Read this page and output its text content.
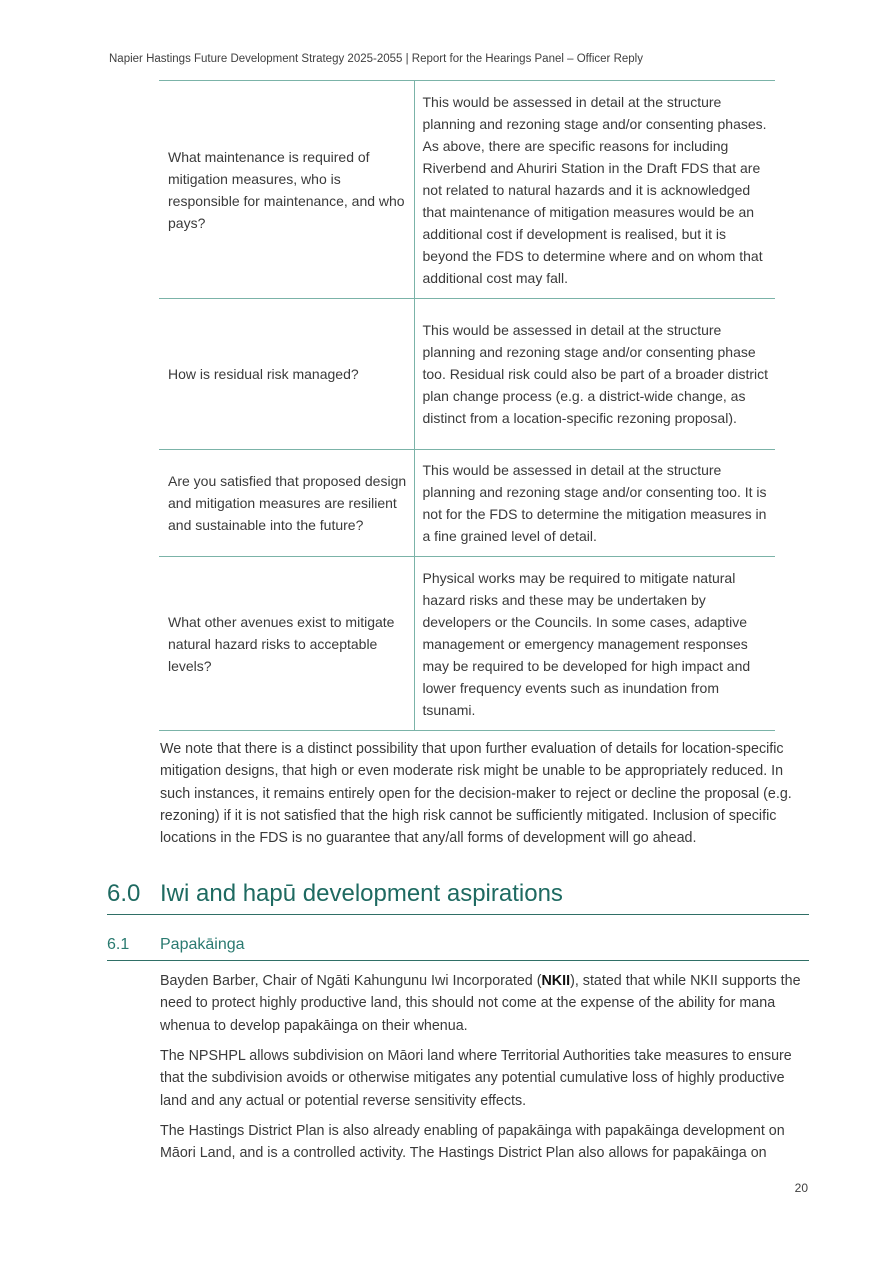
Napier Hastings Future Development Strategy 2025-2055 | Report for the Hearings Panel – Officer Reply
What maintenance is required of mitigation measures, who is responsible for maintenance, and who pays?	This would be assessed in detail at the structure planning and rezoning stage and/or consenting phases. As above, there are specific reasons for including Riverbend and Ahuriri Station in the Draft FDS that are not related to natural hazards and it is acknowledged that maintenance of mitigation measures would be an additional cost if development is realised, but it is beyond the FDS to determine where and on whom that additional cost may fall.
How is residual risk managed?	This would be assessed in detail at the structure planning and rezoning stage and/or consenting phase too. Residual risk could also be part of a broader district plan change process (e.g. a district-wide change, as distinct from a location-specific rezoning proposal).
Are you satisfied that proposed design and mitigation measures are resilient and sustainable into the future?	This would be assessed in detail at the structure planning and rezoning stage and/or consenting too. It is not for the FDS to determine the mitigation measures in a fine grained level of detail.
What other avenues exist to mitigate natural hazard risks to acceptable levels?	Physical works may be required to mitigate natural hazard risks and these may be undertaken by developers or the Councils. In some cases, adaptive management or emergency management responses may be required to be developed for high impact and lower frequency events such as inundation from tsunami.

We note that there is a distinct possibility that upon further evaluation of details for location-specific mitigation designs, that high or even moderate risk might be unable to be appropriately reduced. In such instances, it remains entirely open for the decision-maker to reject or decline the proposal (e.g. rezoning) if it is not satisfied that the high risk cannot be sufficiently mitigated. Inclusion of specific locations in the FDS is no guarantee that any/all forms of development will go ahead.

6.0 Iwi and hapū development aspirations
6.1 Papakāinga

Bayden Barber, Chair of Ngāti Kahungunu Iwi Incorporated (NKII), stated that while NKII supports the need to protect highly productive land, this should not come at the expense of the ability for mana whenua to develop papakāinga on their whenua.

The NPSHPL allows subdivision on Māori land where Territorial Authorities take measures to ensure that the subdivision avoids or otherwise mitigates any potential cumulative loss of highly productive land and any actual or potential reverse sensitivity effects.

The Hastings District Plan is also already enabling of papakāinga with papakāinga development on Māori Land, and is a controlled activity. The Hastings District Plan also allows for papakāinga on

20
